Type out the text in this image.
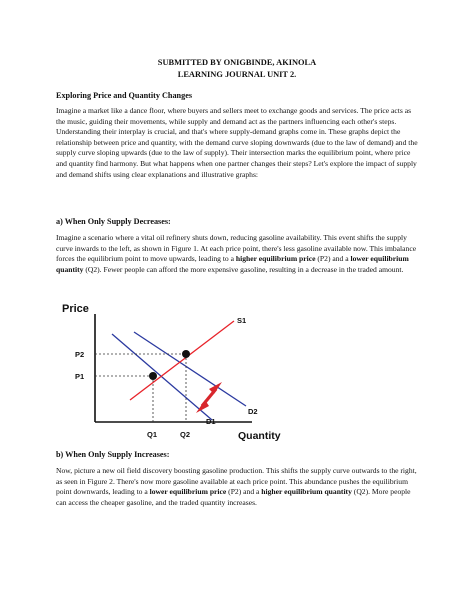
SUBMITTED BY ONIGBINDE, AKINOLA
LEARNING JOURNAL UNIT 2.
Exploring Price and Quantity Changes

Imagine a market like a dance floor, where buyers and sellers meet to exchange goods and services. The price acts as the music, guiding their movements, while supply and demand act as the partners influencing each other's steps. Understanding their interplay is crucial, and that's where supply-demand graphs come in. These graphs depict the relationship between price and quantity, with the demand curve sloping downwards (due to the law of demand) and the supply curve sloping upwards (due to the law of supply). Their intersection marks the equilibrium point, where price and quantity find harmony. But what happens when one partner changes their steps? Let's explore the impact of supply and demand shifts using clear explanations and illustrative graphs:

a) When Only Supply Decreases:

Imagine a scenario where a vital oil refinery shuts down, reducing gasoline availability. This event shifts the supply curve inwards to the left, as shown in Figure 1. At each price point, there's less gasoline available now. This imbalance forces the equilibrium point to move upwards, leading to a higher equilibrium price (P2) and a lower equilibrium quantity (Q2). Fewer people can afford the more expensive gasoline, resulting in a decrease in the traded amount.

Price
Quantity
S1
D2
D1
P2
P1
Q1	Q2
b) When Only Supply Increases:

Now, picture a new oil field discovery boosting gasoline production. This shifts the supply curve outwards to the right, as seen in Figure 2. There's now more gasoline available at each price point. This abundance pushes the equilibrium point downwards, leading to a lower equilibrium price (P2) and a higher equilibrium quantity (Q2). More people can access the cheaper gasoline, and the traded quantity increases.
